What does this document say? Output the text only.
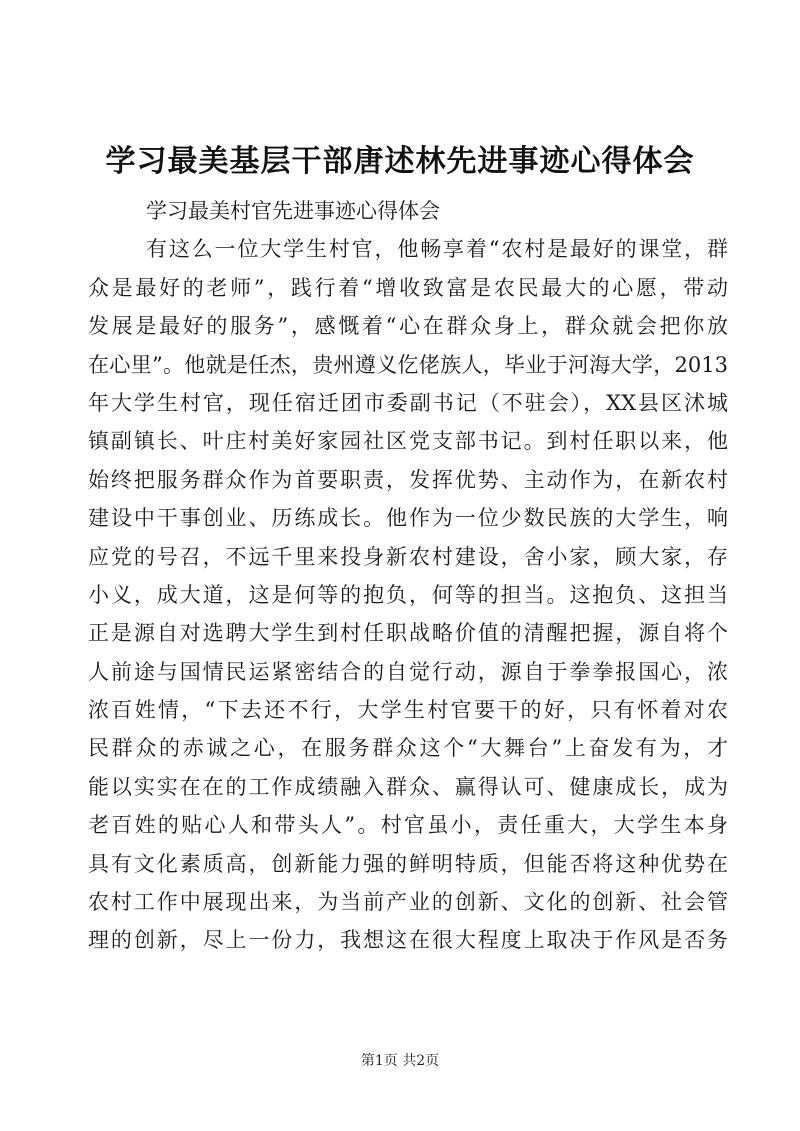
学习最美基层干部唐述林先进事迹心得体会
学习最美村官先进事迹心得体会
有这么一位大学生村官，他畅享着“农村是最好的课堂，群
众是最好的老师”，践行着“增收致富是农民最大的心愿，带动
发展是最好的服务”，感慨着“心在群众身上，群众就会把你放
在心里”。他就是任杰，贵州遵义仡佬族人，毕业于河海大学，2013
年大学生村官，现任宿迁团市委副书记（不驻会），XX县区沭城
镇副镇长、叶庄村美好家园社区党支部书记。到村任职以来，他
始终把服务群众作为首要职责，发挥优势、主动作为，在新农村
建设中干事创业、历练成长。他作为一位少数民族的大学生，响
应党的号召，不远千里来投身新农村建设，舍小家，顾大家，存
小义，成大道，这是何等的抱负，何等的担当。这抱负、这担当
正是源自对选聘大学生到村任职战略价值的清醒把握，源自将个
人前途与国情民运紧密结合的自觉行动，源自于拳拳报国心，浓
浓百姓情，“下去还不行，大学生村官要干的好，只有怀着对农
民群众的赤诚之心，在服务群众这个“大舞台”上奋发有为，才
能以实实在在的工作成绩融入群众、赢得认可、健康成长，成为
老百姓的贴心人和带头人”。村官虽小，责任重大，大学生本身
具有文化素质高，创新能力强的鲜明特质，但能否将这种优势在
农村工作中展现出来，为当前产业的创新、文化的创新、社会管
理的创新，尽上一份力，我想这在很大程度上取决于作风是否务
第1页 共2页
